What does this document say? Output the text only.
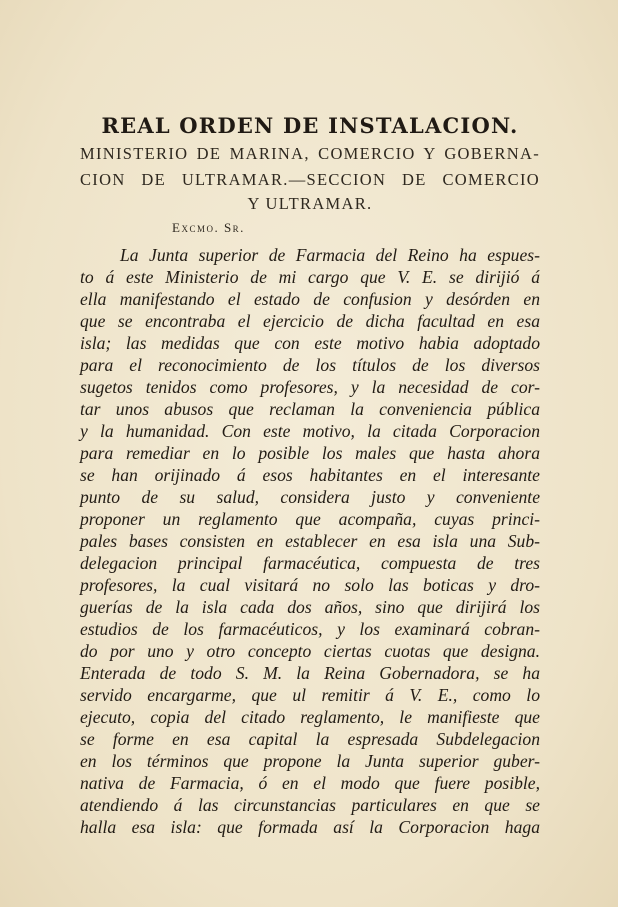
REAL ORDEN DE INSTALACION.
MINISTERIO DE MARINA, COMERCIO Y GOBERNA-
CION DE ULTRAMAR.—SECCION DE COMERCIO
Y ULTRAMAR.
Excmo. Sr.
La Junta superior de Farmacia del Reino ha espues-
to á este Ministerio de mi cargo que V. E. se dirijió á
ella manifestando el estado de confusion y desórden en
que se encontraba el ejercicio de dicha facultad en esa
isla; las medidas que con este motivo habia adoptado
para el reconocimiento de los títulos de los diversos
sugetos tenidos como profesores, y la necesidad de cor-
tar unos abusos que reclaman la conveniencia pública
y la humanidad. Con este motivo, la citada Corporacion
para remediar en lo posible los males que hasta ahora
se han orijinado á esos habitantes en el interesante
punto de su salud, considera justo y conveniente
proponer un reglamento que acompaña, cuyas princi-
pales bases consisten en establecer en esa isla una Sub-
delegacion principal farmacéutica, compuesta de tres
profesores, la cual visitará no solo las boticas y dro-
guerías de la isla cada dos años, sino que dirijirá los
estudios de los farmacéuticos, y los examinará cobran-
do por uno y otro concepto ciertas cuotas que designa.
Enterada de todo S. M. la Reina Gobernadora, se ha
servido encargarme, que ul remitir á V. E., como lo
ejecuto, copia del citado reglamento, le manifieste que
se forme en esa capital la espresada Subdelegacion
en los términos que propone la Junta superior guber-
nativa de Farmacia, ó en el modo que fuere posible,
atendiendo á las circunstancias particulares en que se
halla esa isla: que formada así la Corporacion haga
